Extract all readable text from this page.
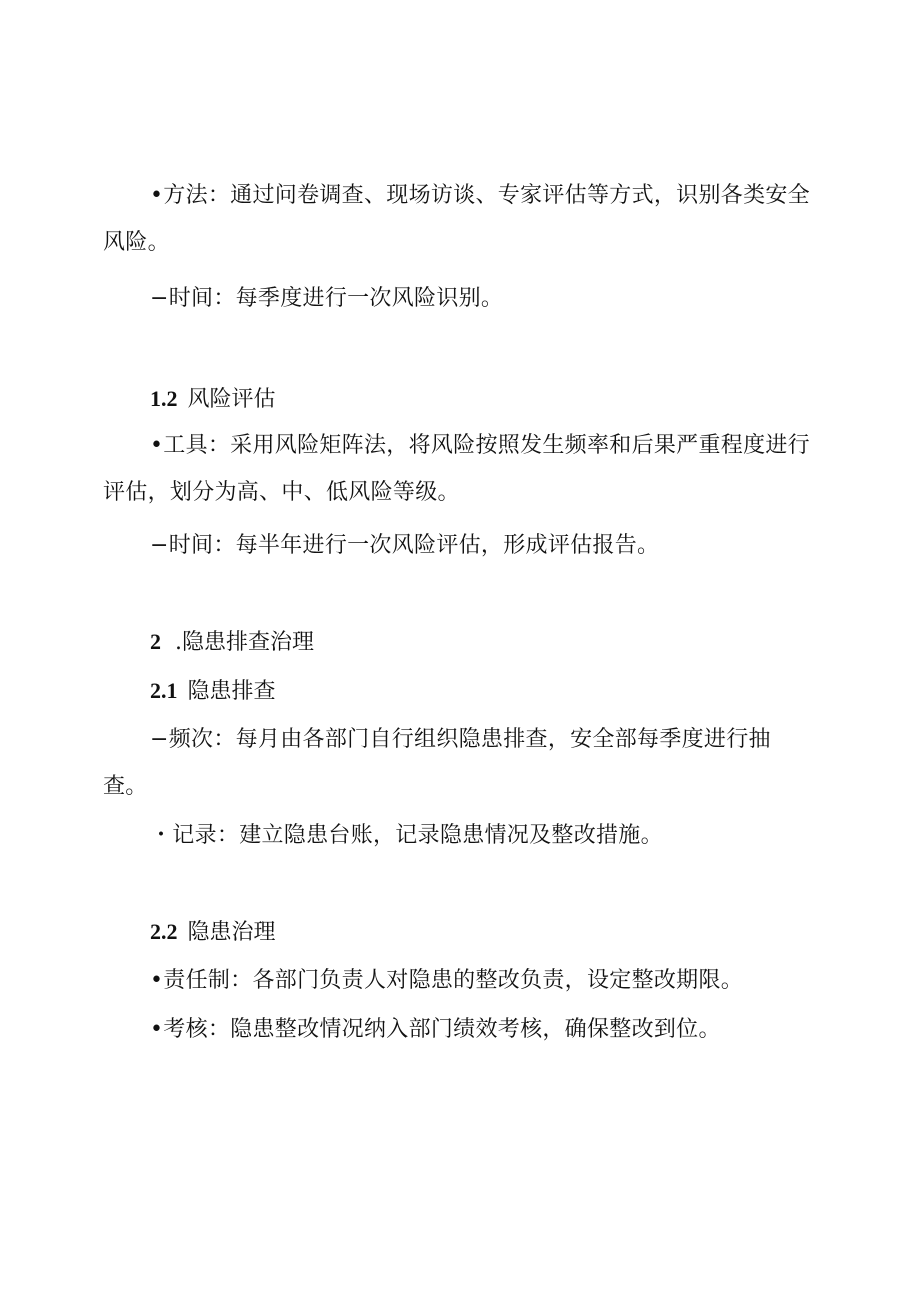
•方法：通过问卷调查、现场访谈、专家评估等方式，识别各类安全风险。

−时间：每季度进行一次风险识别。

1.2 风险评估

•工具：采用风险矩阵法，将风险按照发生频率和后果严重程度进行评估，划分为高、中、低风险等级。

−时间：每半年进行一次风险评估，形成评估报告。

2 .隐患排查治理
2.1 隐患排查

−频次：每月由各部门自行组织隐患排查，安全部每季度进行抽查。

・记录：建立隐患台账，记录隐患情况及整改措施。

2.2 隐患治理

•责任制：各部门负责人对隐患的整改负责，设定整改期限。

•考核：隐患整改情况纳入部门绩效考核，确保整改到位。
